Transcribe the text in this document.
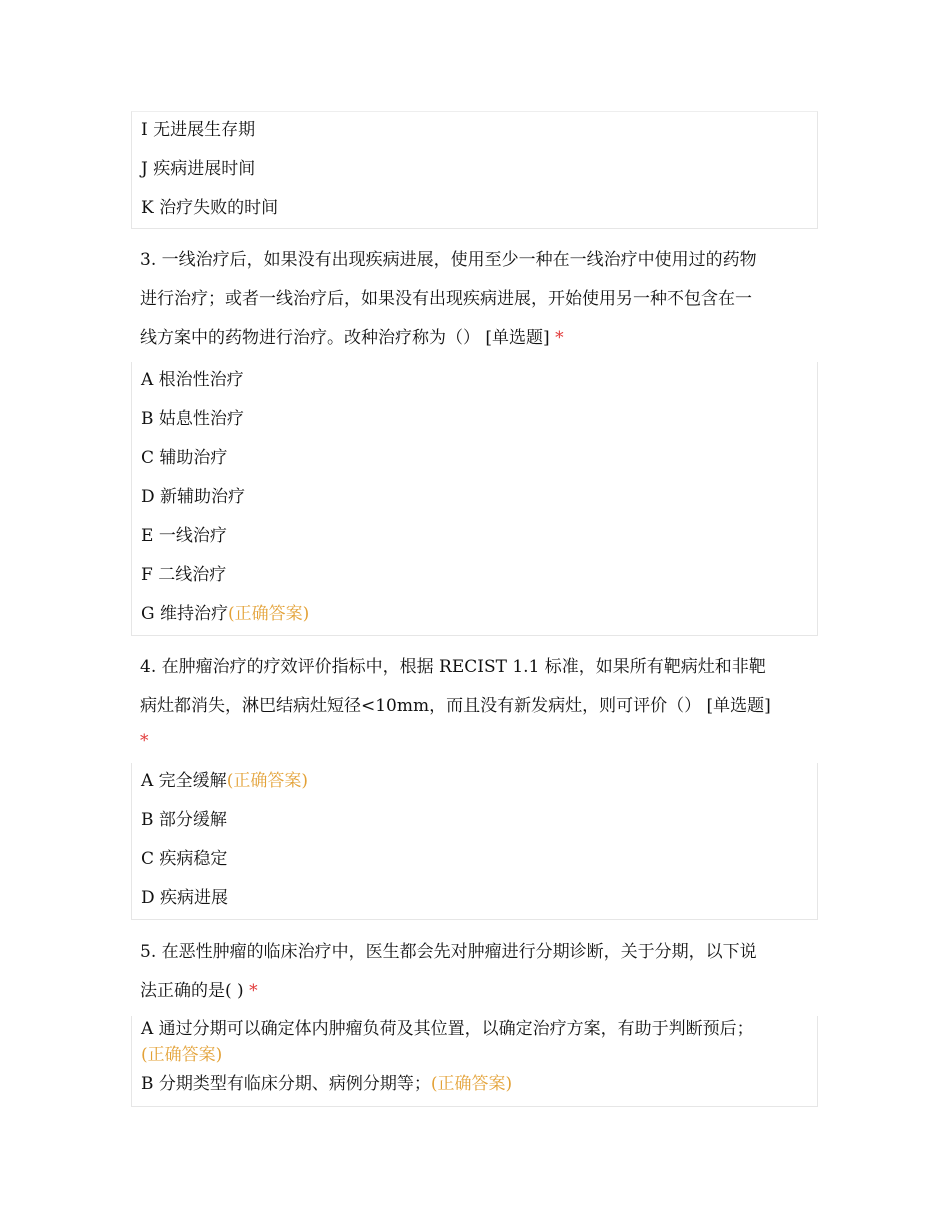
I 无进展生存期
J 疾病进展时间
K 治疗失败的时间
3. 一线治疗后，如果没有出现疾病进展，使用至少一种在一线治疗中使用过的药物
进行治疗；或者一线治疗后，如果没有出现疾病进展，开始使用另一种不包含在一
线方案中的药物进行治疗。改种治疗称为（） [单选题] *
A 根治性治疗
B 姑息性治疗
C 辅助治疗
D 新辅助治疗
E 一线治疗
F 二线治疗
G 维持治疗(正确答案)
4. 在肿瘤治疗的疗效评价指标中，根据 RECIST 1.1 标准，如果所有靶病灶和非靶
病灶都消失，淋巴结病灶短径<10mm，而且没有新发病灶，则可评价（） [单选题]
*
A 完全缓解(正确答案)
B 部分缓解
C 疾病稳定
D 疾病进展
5. 在恶性肿瘤的临床治疗中，医生都会先对肿瘤进行分期诊断，关于分期，以下说
法正确的是( ) *
A 通过分期可以确定体内肿瘤负荷及其位置，以确定治疗方案，有助于判断预后；
(正确答案)
B 分期类型有临床分期、病例分期等；(正确答案)
